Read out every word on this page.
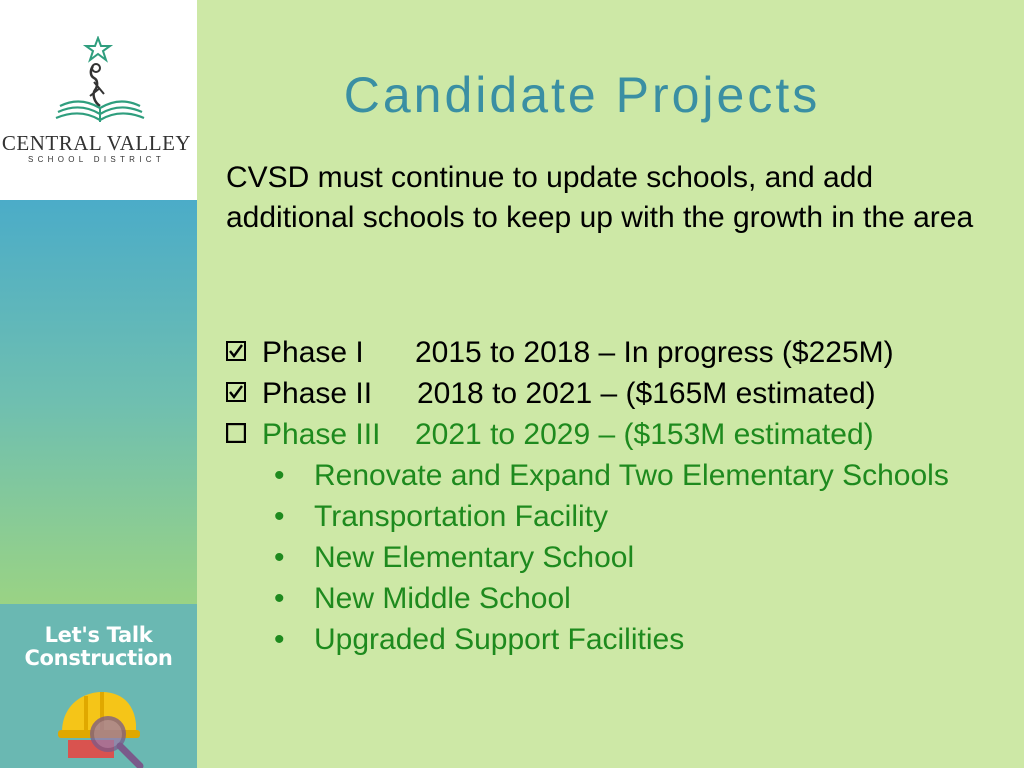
CENTRAL VALLEY
SCHOOL DISTRICT
Let's Talk
Construction
Candidate Projects
CVSD must continue to update schools, and add additional schools to keep up with the growth in the area
Phase I 2015 to 2018 – In progress ($225M)
Phase II 2018 to 2021 – ($165M estimated)
Phase III 2021 to 2029 – ($153M estimated)
• Renovate and Expand Two Elementary Schools
• Transportation Facility
• New Elementary School
• New Middle School
• Upgraded Support Facilities
